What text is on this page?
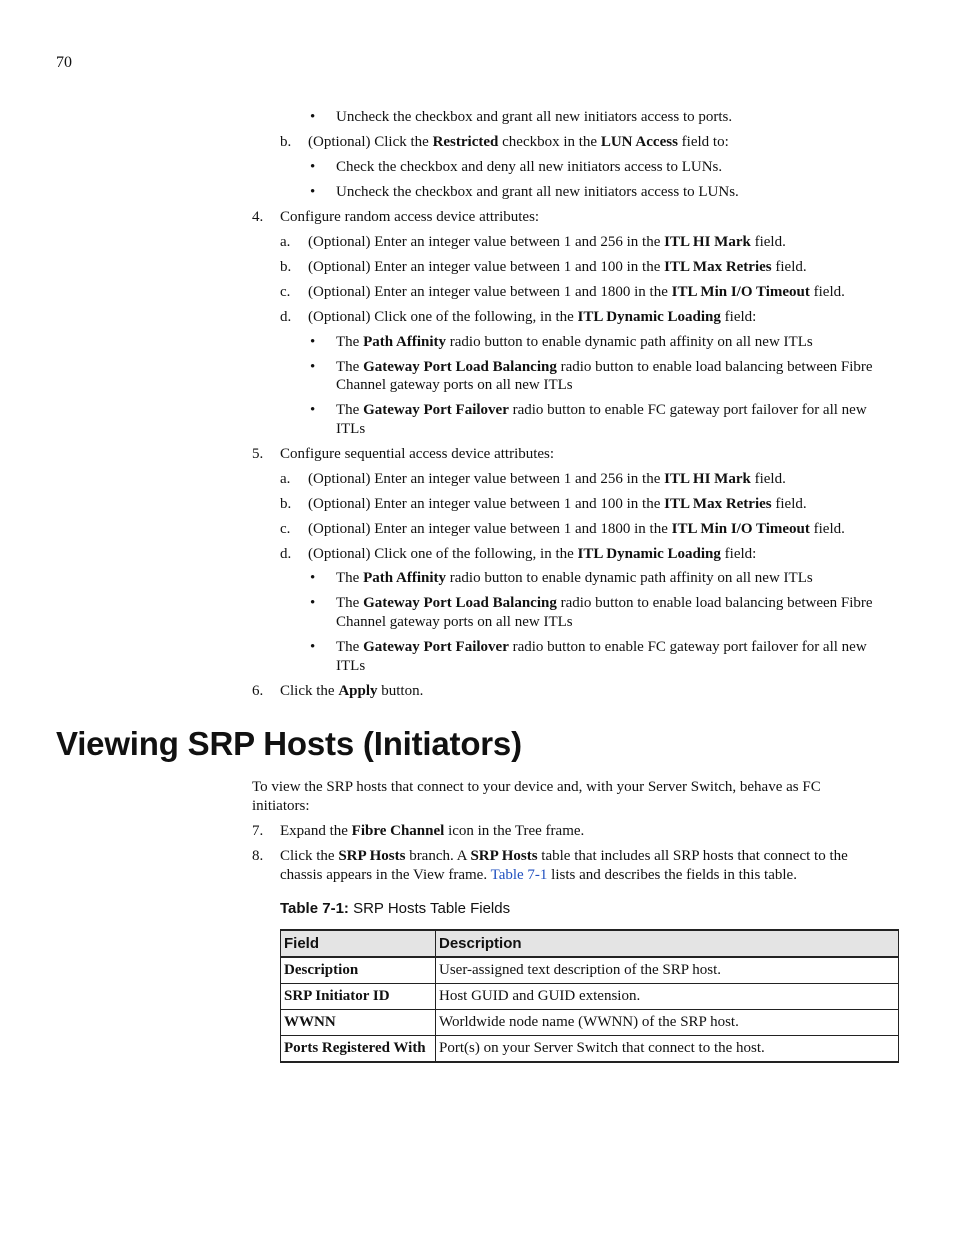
70
• Uncheck the checkbox and grant all new initiators access to ports.
b. (Optional) Click the Restricted checkbox in the LUN Access field to:
• Check the checkbox and deny all new initiators access to LUNs.
• Uncheck the checkbox and grant all new initiators access to LUNs.
4. Configure random access device attributes:
a. (Optional) Enter an integer value between 1 and 256 in the ITL HI Mark field.
b. (Optional) Enter an integer value between 1 and 100 in the ITL Max Retries field.
c. (Optional) Enter an integer value between 1 and 1800 in the ITL Min I/O Timeout field.
d. (Optional) Click one of the following, in the ITL Dynamic Loading field:
• The Path Affinity radio button to enable dynamic path affinity on all new ITLs
• The Gateway Port Load Balancing radio button to enable load balancing between Fibre
Channel gateway ports on all new ITLs
• The Gateway Port Failover radio button to enable FC gateway port failover for all new
ITLs
5. Configure sequential access device attributes:
a. (Optional) Enter an integer value between 1 and 256 in the ITL HI Mark field.
b. (Optional) Enter an integer value between 1 and 100 in the ITL Max Retries field.
c. (Optional) Enter an integer value between 1 and 1800 in the ITL Min I/O Timeout field.
d. (Optional) Click one of the following, in the ITL Dynamic Loading field:
• The Path Affinity radio button to enable dynamic path affinity on all new ITLs
• The Gateway Port Load Balancing radio button to enable load balancing between Fibre
Channel gateway ports on all new ITLs
• The Gateway Port Failover radio button to enable FC gateway port failover for all new
ITLs
6. Click the Apply button.
Viewing SRP Hosts (Initiators)
To view the SRP hosts that connect to your device and, with your Server Switch, behave as FC
initiators:
7. Expand the Fibre Channel icon in the Tree frame.
8. Click the SRP Hosts branch. A SRP Hosts table that includes all SRP hosts that connect to the
chassis appears in the View frame. Table 7-1 lists and describes the fields in this table.
Table 7-1: SRP Hosts Table Fields
Field	Description
Description	User-assigned text description of the SRP host.
SRP Initiator ID	Host GUID and GUID extension.
WWNN	Worldwide node name (WWNN) of the SRP host.
Ports Registered With	Port(s) on your Server Switch that connect to the host.
